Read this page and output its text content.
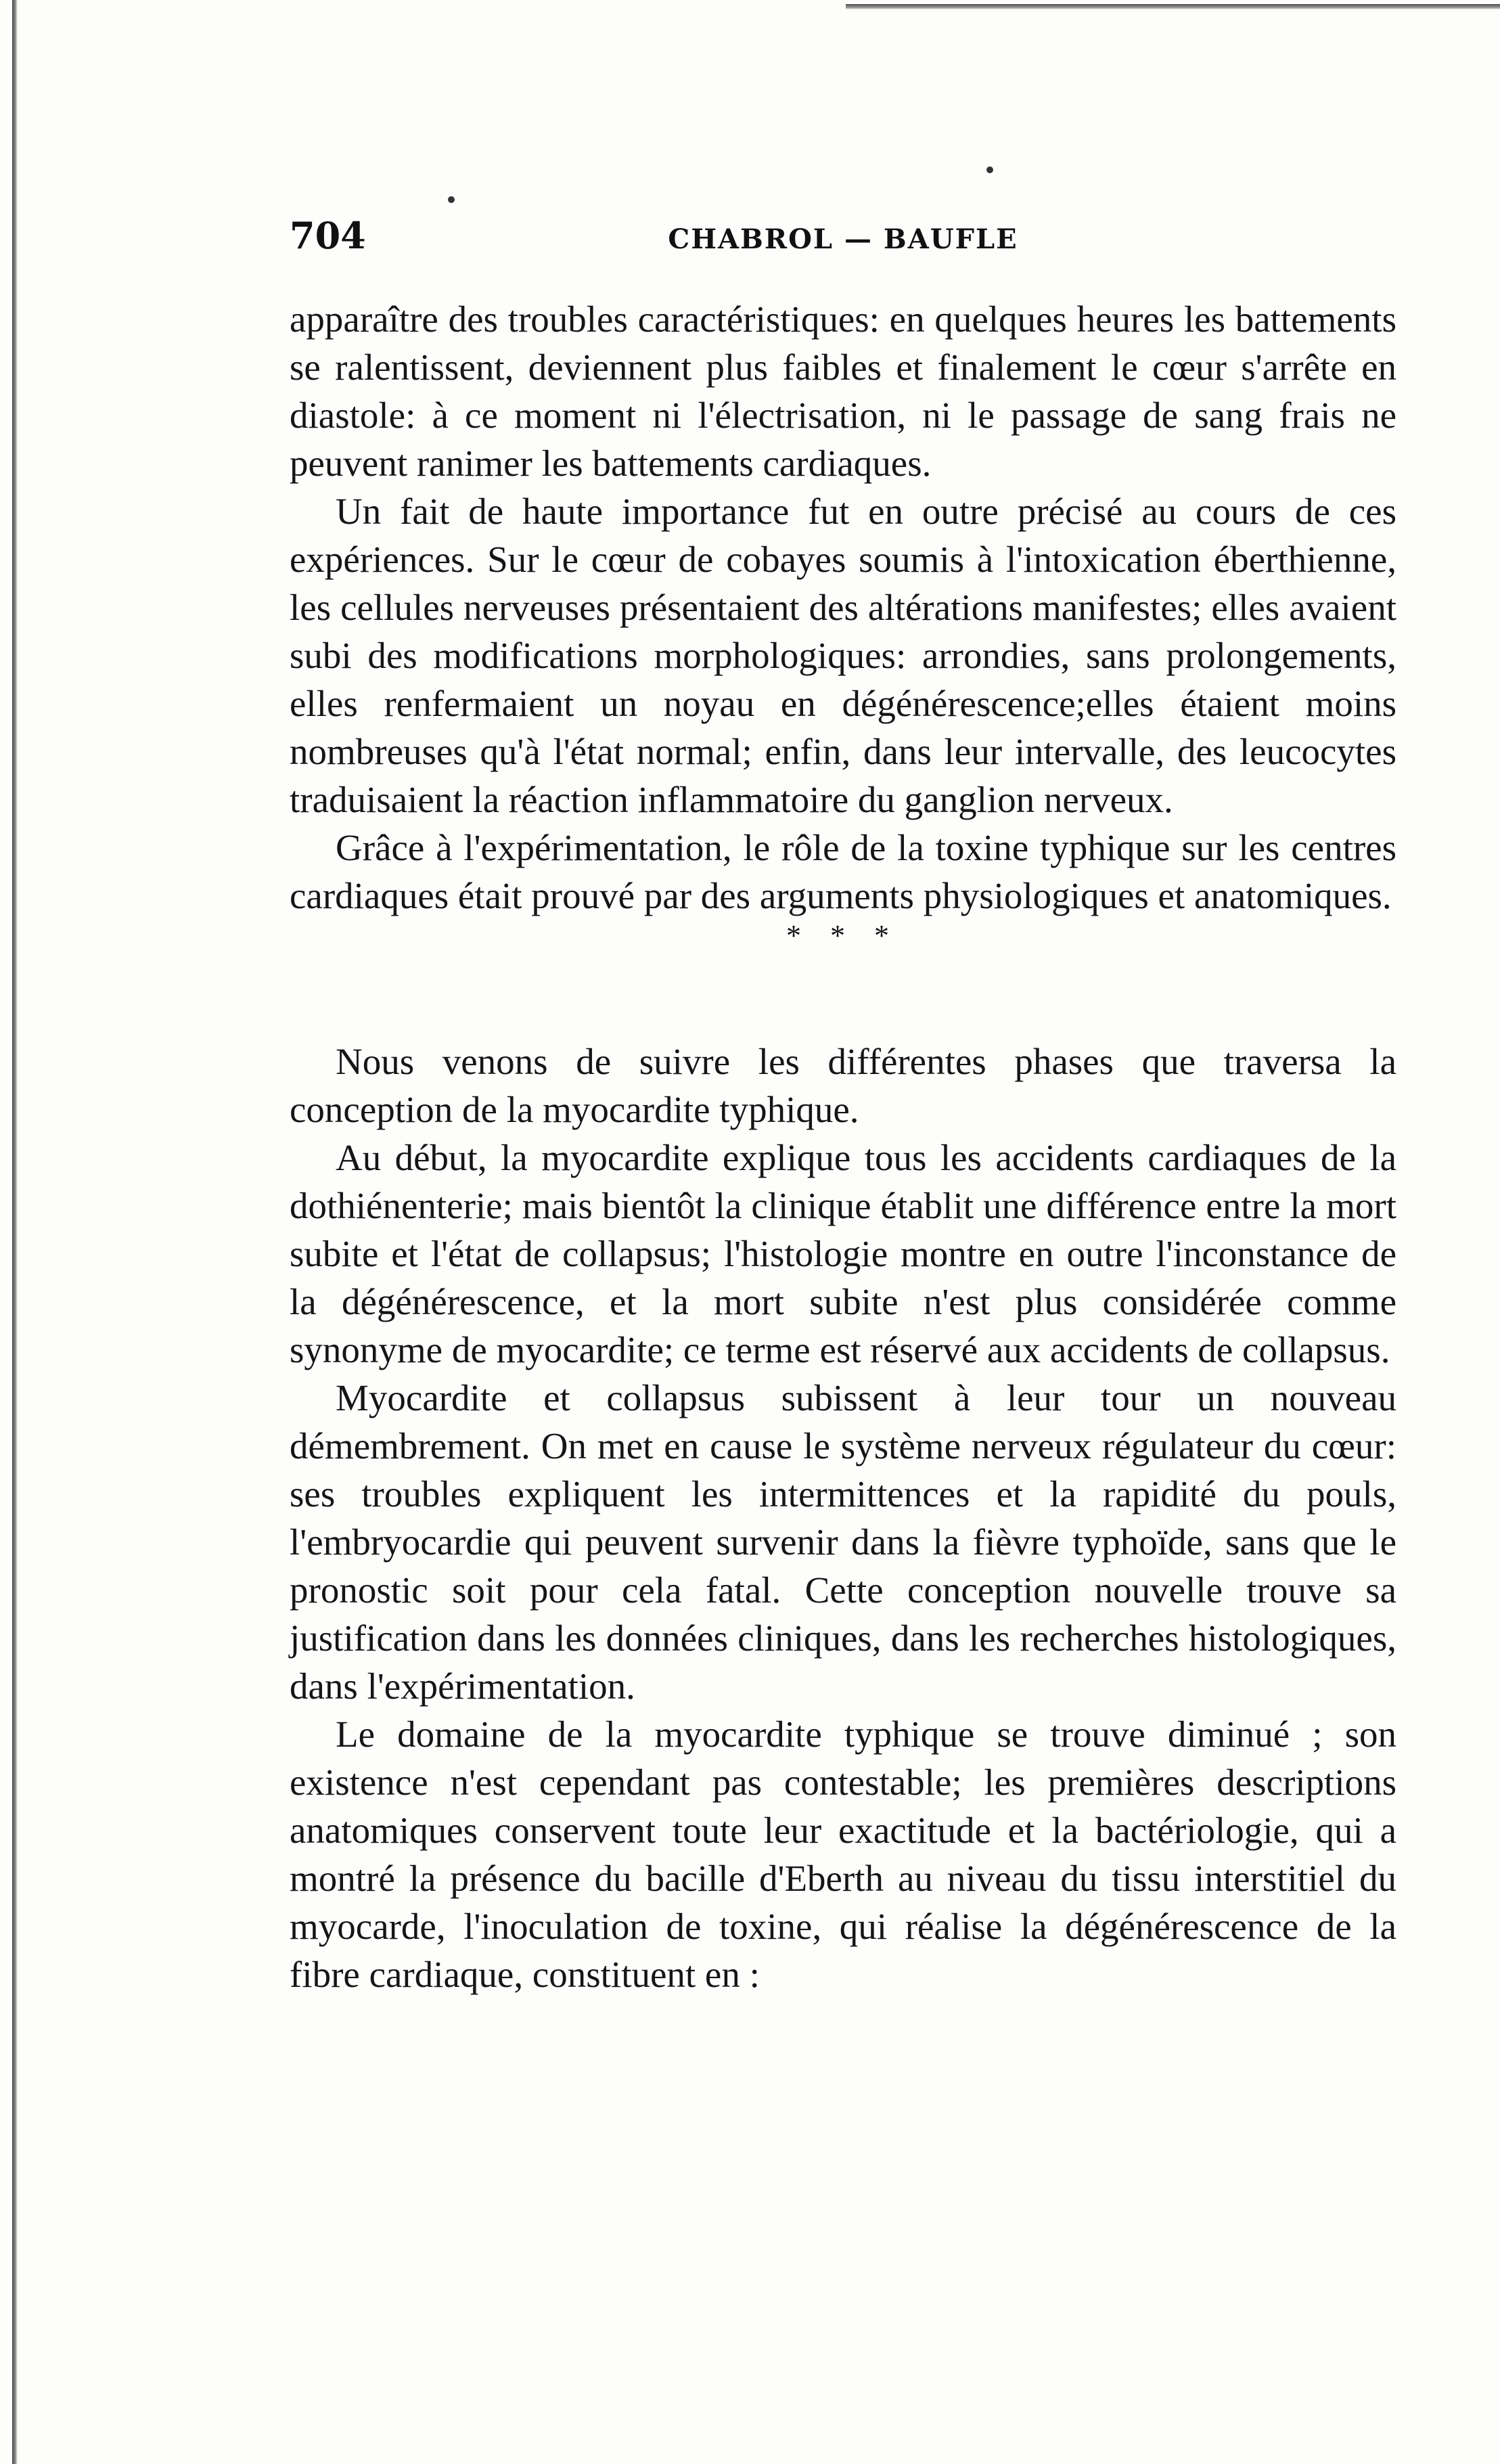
704	CHABROL — BAUFLE

apparaître des troubles caractéristiques: en quelques heures les battements se ralentissent, deviennent plus faibles et finalement le cœur s'arrête en diastole: à ce moment ni l'électrisation, ni le passage de sang frais ne peuvent ranimer les battements cardiaques.

Un fait de haute importance fut en outre précisé au cours de ces expériences. Sur le cœur de cobayes soumis à l'intoxication éberthienne, les cellules nerveuses présentaient des altérations manifestes; elles avaient subi des modifications morphologiques: arrondies, sans prolongements, elles renfermaient un noyau en dégénérescence;elles étaient moins nombreuses qu'à l'état normal; enfin, dans leur intervalle, des leucocytes traduisaient la réaction inflammatoire du ganglion nerveux.

Grâce à l'expérimentation, le rôle de la toxine typhique sur les centres cardiaques était prouvé par des arguments physiologiques et anatomiques.

* * *

Nous venons de suivre les différentes phases que traversa la conception de la myocardite typhique.

Au début, la myocardite explique tous les accidents cardiaques de la dothiénenterie; mais bientôt la clinique établit une différence entre la mort subite et l'état de collapsus; l'histologie montre en outre l'inconstance de la dégénérescence, et la mort subite n'est plus considérée comme synonyme de myocardite; ce terme est réservé aux accidents de collapsus.

Myocardite et collapsus subissent à leur tour un nouveau démembrement. On met en cause le système nerveux régulateur du cœur: ses troubles expliquent les intermittences et la rapidité du pouls, l'embryocardie qui peuvent survenir dans la fièvre typhoïde, sans que le pronostic soit pour cela fatal. Cette conception nouvelle trouve sa justification dans les données cliniques, dans les recherches histologiques, dans l'expérimentation.

Le domaine de la myocardite typhique se trouve diminué ; son existence n'est cependant pas contestable; les premières descriptions anatomiques conservent toute leur exactitude et la bactériologie, qui a montré la présence du bacille d'Eberth au niveau du tissu interstitiel du myocarde, l'inoculation de toxine, qui réalise la dégénérescence de la fibre cardiaque, constituent en :
